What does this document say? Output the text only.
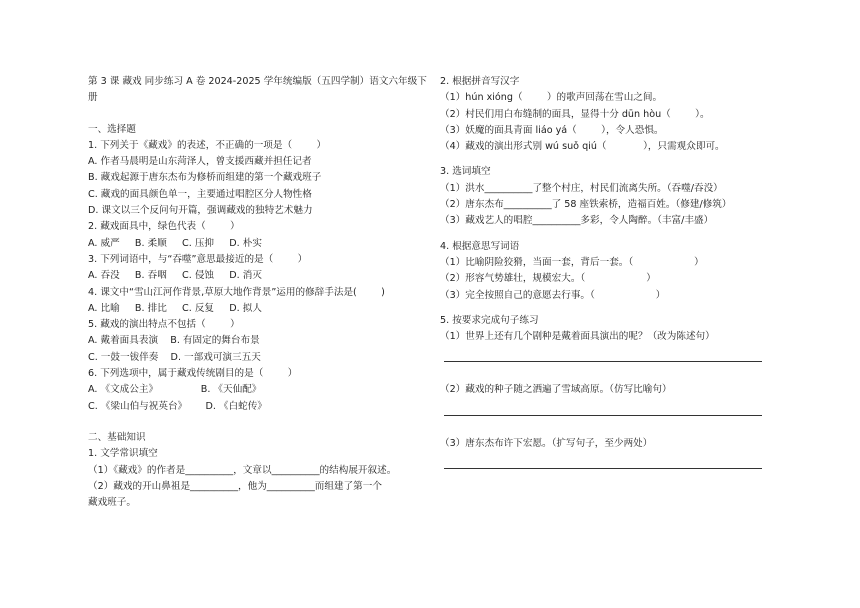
第 3 课 藏戏 同步练习 A 卷 2024-2025 学年统编版（五四学制）语文六年级下册
一、选择题
1. 下列关于《藏戏》的表述，不正确的一项是（        ）
A. 作者马晨明是山东菏泽人，曾支援西藏并担任记者
B. 藏戏起源于唐东杰布为修桥而组建的第一个藏戏班子
C. 藏戏的面具颜色单一，主要通过唱腔区分人物性格
D. 课文以三个反问句开篇，强调藏戏的独特艺术魅力
2. 藏戏面具中，绿色代表（        ）
A. 威严     B. 柔顺     C. 压抑     D. 朴实
3. 下列词语中，与“吞噬”意思最接近的是（        ）
A. 吞没     B. 吞咽     C. 侵蚀     D. 消灭
4. 课文中“雪山江河作背景,草原大地作背景”运用的修辞手法是(        )
A. 比喻     B. 排比     C. 反复     D. 拟人
5. 藏戏的演出特点不包括（        ）
A. 戴着面具表演    B. 有固定的舞台布景
C. 一鼓一钹伴奏    D. 一部戏可演三五天
6. 下列选项中，属于藏戏传统剧目的是（        ）
A. 《文成公主》              B. 《天仙配》
C. 《梁山伯与祝英台》      D. 《白蛇传》
二、基础知识
1. 文学常识填空
（1）《藏戏》的作者是__________，文章以__________的结构展开叙述。
（2）藏戏的开山鼻祖是__________，他为__________而组建了第一个
藏戏班子。
2. 根据拼音写汉字
（1）hún xióng（        ）的歌声回荡在雪山之间。
（2）村民们用白布缝制的面具，显得十分 dūn hòu（        ）。
（3）妖魔的面具青面 liáo yá（        ），令人恐惧。
（4）藏戏的演出形式别 wú suǒ qiú（            ），只需观众即可。
3. 选词填空
（1）洪水__________了整个村庄，村民们流离失所。（吞噬/吞没）
（2）唐东杰布__________了 58 座铁索桥，造福百姓。（修建/修筑）
（3）藏戏艺人的唱腔__________多彩，令人陶醉。（丰富/丰盛）
4. 根据意思写词语
（1）比喻阴险狡猾，当面一套，背后一套。（                    ）
（2）形容气势雄壮，规模宏大。（                    ）
（3）完全按照自己的意愿去行事。（                    ）
5. 按要求完成句子练习
（1）世界上还有几个剧种是戴着面具演出的呢？（改为陈述句）
（2）藏戏的种子随之洒遍了雪域高原。（仿写比喻句）
（3）唐东杰布许下宏愿。（扩写句子，至少两处）
